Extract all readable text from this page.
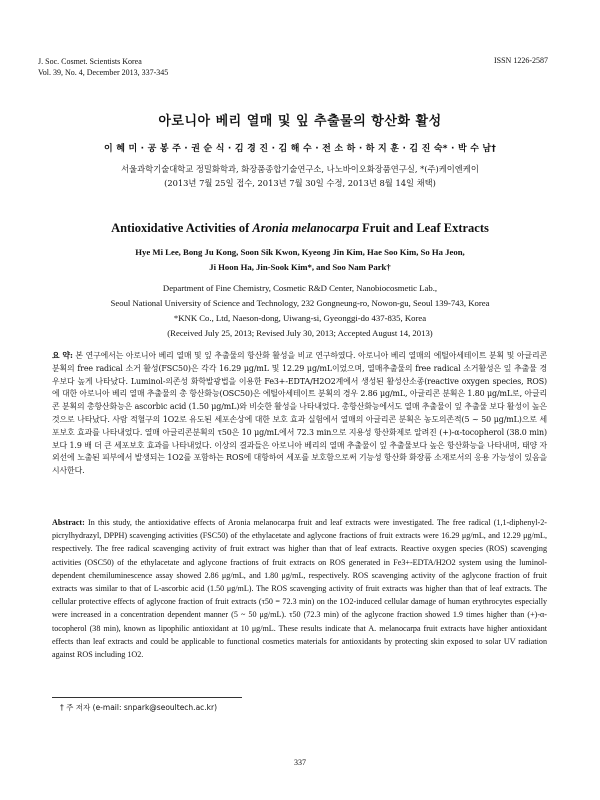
J. Soc. Cosmet. Scientists Korea
Vol. 39, No. 4, December 2013, 337-345
ISSN 1226-2587
아로니아 베리 열매 및 잎 추출물의 항산화 활성
이 혜 미 · 공 봉 주 · 권 순 식 · 김 경 진 · 김 해 수 · 전 소 하 · 하 지 훈 · 김 진 숙* · 박 수 남†
서울과학기술대학교 정밀화학과, 화장품종합기술연구소, 나노바이오화장품연구실, *(주)케이엔케이
(2013년 7월 25일 접수, 2013년 7월 30일 수정, 2013년 8월 14일 채택)
Antioxidative Activities of Aronia melanocarpa Fruit and Leaf Extracts
Hye Mi Lee, Bong Ju Kong, Soon Sik Kwon, Kyeong Jin Kim, Hae Soo Kim, So Ha Jeon,
Ji Hoon Ha, Jin-Sook Kim*, and Soo Nam Park†
Department of Fine Chemistry, Cosmetic R&D Center, Nanobiocosmetic Lab.,
Seoul National University of Science and Technology, 232 Gongneung-ro, Nowon-gu, Seoul 139-743, Korea
*KNK Co., Ltd, Naeson-dong, Uiwang-si, Gyeonggi-do 437-835, Korea
(Received July 25, 2013; Revised July 30, 2013; Accepted August 14, 2013)
요 약: 본 연구에서는 아로니아 베리 열매 및 잎 추출물의 항산화 활성을 비교 연구하였다. 아로니아 베리 열매의 에틸아세테이트 분획 및 아글리콘 분획의 free radical 소거 활성(FSC50)은 각각 16.29 μg/mL 및 12.29 μg/mL이었으며, 열매추출물의 free radical 소거활성은 잎 추출물 경우보다 높게 나타났다. Luminol-의존성 화학발광법을 이용한 Fe3+-EDTA/H2O2계에서 생성된 활성산소종(reactive oxygen species, ROS)에 대한 아로니아 베리 열매 추출물의 총 항산화능(OSC50)은 에틸아세테이트 분획의 경우 2.86 μg/mL, 아글리콘 분획은 1.80 μg/mL로, 아글리콘 분획의 총항산화능은 ascorbic acid (1.50 μg/mL)와 비슷한 활성을 나타내었다. 총항산화능에서도 열매 추출물이 잎 추출물 보다 활성이 높은 것으로 나타났다. 사람 적혈구의 1O2로 유도된 세포손상에 대한 보호 효과 실험에서 열매의 아글리콘 분획은 농도의존적(5 ~ 50 μg/mL)으로 세포보호 효과를 나타내었다. 열매 아글리콘분획의 τ50은 10 μg/mL에서 72.3 min으로 지용성 항산화제로 알려진 (+)-α-tocopherol (38.0 min)보다 1.9 배 더 큰 세포보호 효과를 나타내었다. 이상의 결과들은 아로니아 베리의 열매 추출물이 잎 추출물보다 높은 항산화능을 나타내며, 태양 자외선에 노출된 피부에서 발생되는 1O2를 포함하는 ROS에 대항하여 세포를 보호함으로써 기능성 항산화 화장품 소재로서의 응용 가능성이 있음을 시사한다.
Abstract: In this study, the antioxidative effects of Aronia melanocarpa fruit and leaf extracts were investigated. The free radical (1,1-diphenyl-2-picrylhydrazyl, DPPH) scavenging activities (FSC50) of the ethylacetate and aglycone fractions of fruit extracts were 16.29 μg/mL, and 12.29 μg/mL, respectively. The free radical scavenging activity of fruit extract was higher than that of leaf extracts. Reactive oxygen species (ROS) scavenging activities (OSC50) of the ethylacetate and aglycone fractions of fruit extracts on ROS generated in Fe3+-EDTA/H2O2 system using the luminol-dependent chemiluminescence assay showed 2.86 μg/mL, and 1.80 μg/mL, respectively. ROS scavenging activity of the aglycone fraction of fruit extracts was similar to that of L-ascorbic acid (1.50 μg/mL). The ROS scavenging activity of fruit extracts was higher than that of leaf extracts. The cellular protective effects of aglycone fraction of fruit extracts (τ50 = 72.3 min) on the 1O2-induced cellular damage of human erythrocytes especially were increased in a concentration dependent manner (5 ~ 50 μg/mL). τ50 (72.3 min) of the aglycone fraction showed 1.9 times higher than (+)-α-tocopherol (38 min), known as lipophilic antioxidant at 10 μg/mL. These results indicate that A. melanocarpa fruit extracts have higher antioxidant effects than leaf extracts and could be applicable to functional cosmetics materials for antioxidants by protecting skin exposed to solar UV radiation against ROS including 1O2.
† 주 저자 (e-mail: snpark@seoultech.ac.kr)
337
